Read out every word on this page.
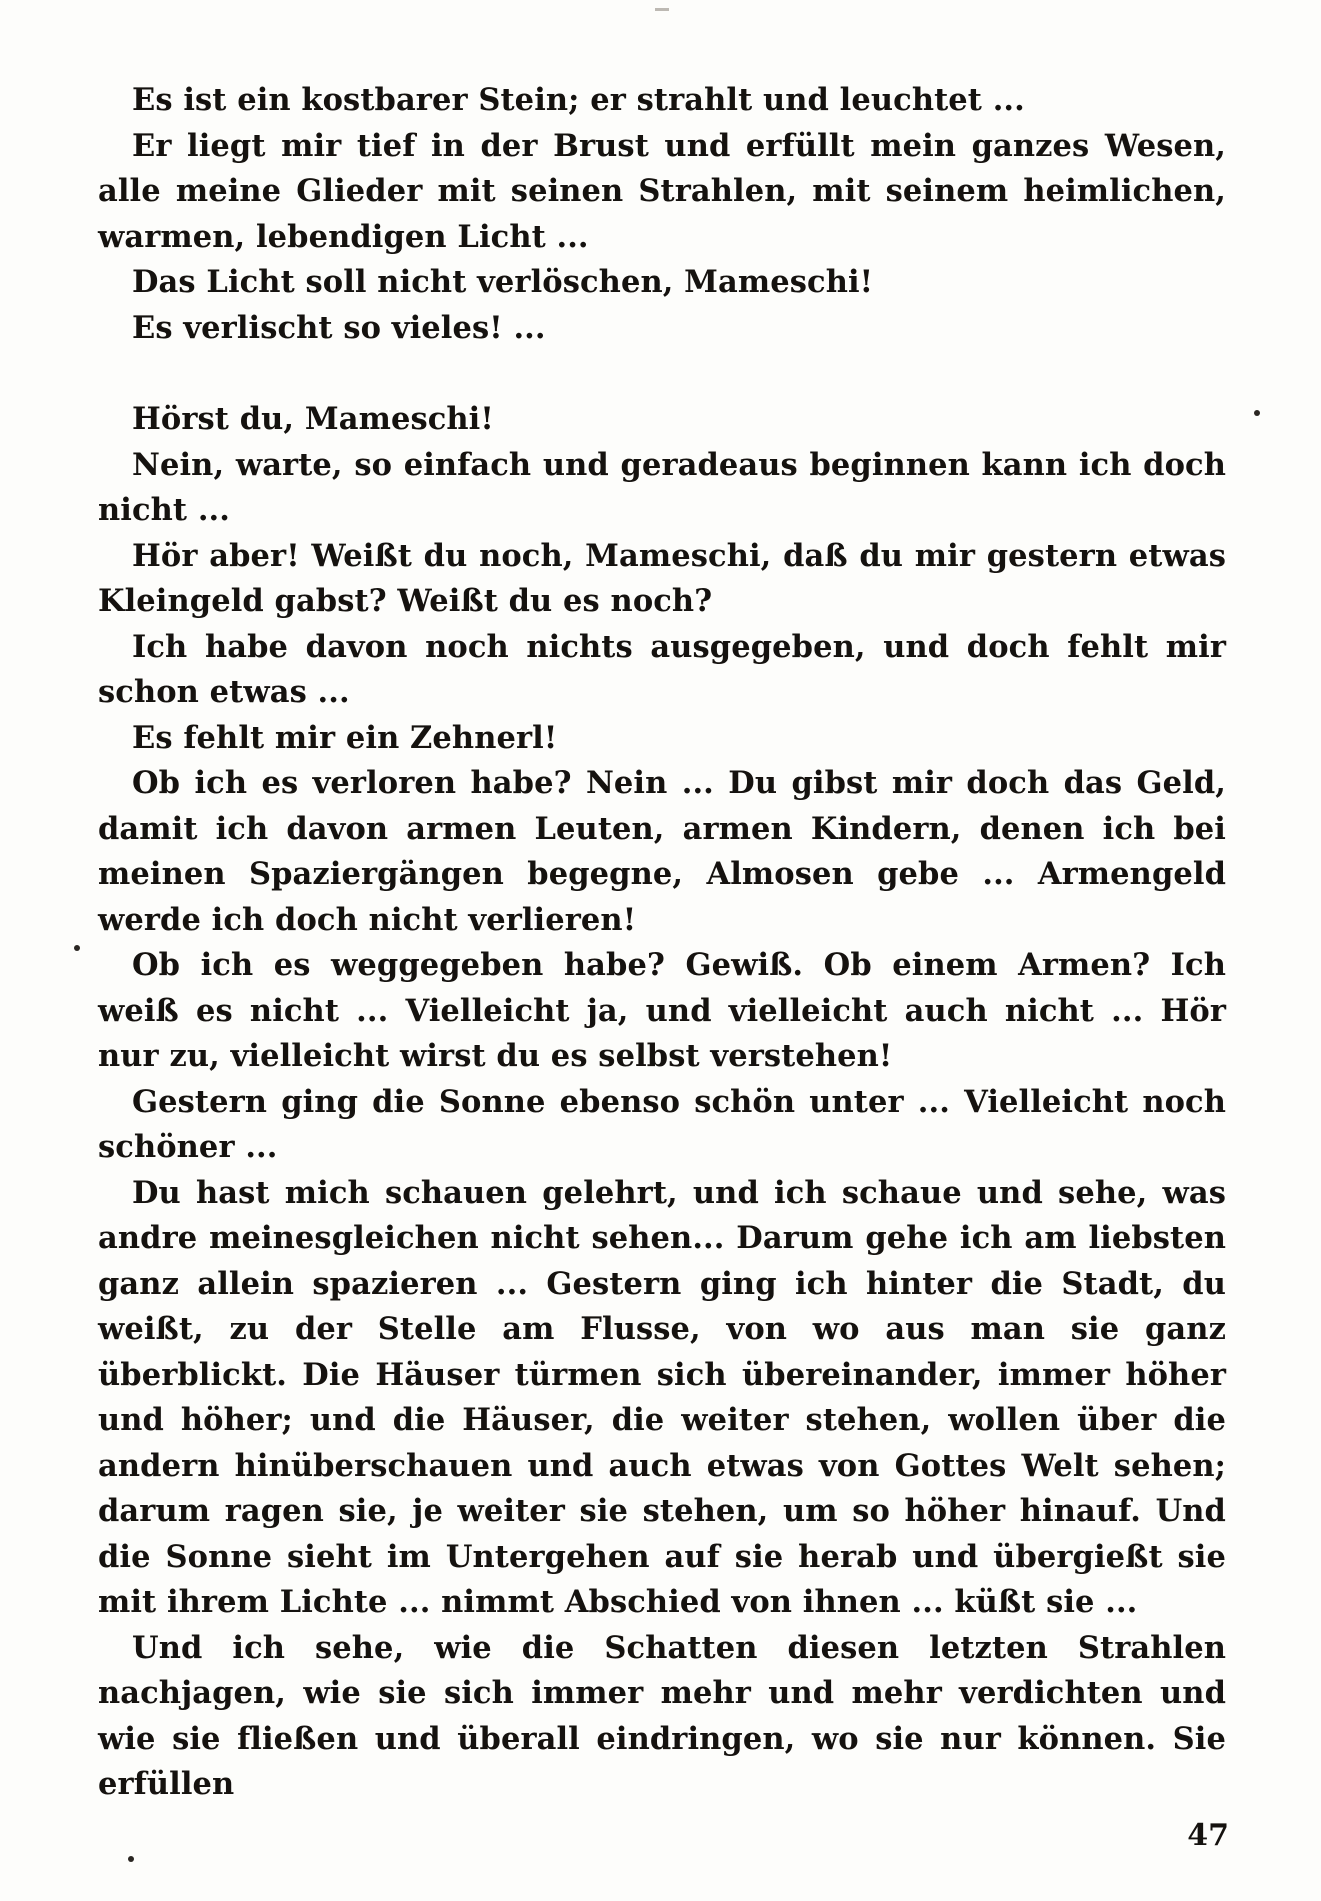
Es ist ein kostbarer Stein; er strahlt und leuchtet ...

Er liegt mir tief in der Brust und erfüllt mein ganzes Wesen, alle meine Glieder mit seinen Strahlen, mit seinem heimlichen, warmen, lebendigen Licht ...

Das Licht soll nicht verlöschen, Mameschi!

Es verlischt so vieles! ...

Hörst du, Mameschi!

Nein, warte, so einfach und geradeaus beginnen kann ich doch nicht ...

Hör aber! Weißt du noch, Mameschi, daß du mir gestern etwas Kleingeld gabst? Weißt du es noch?

Ich habe davon noch nichts ausgegeben, und doch fehlt mir schon etwas ...

Es fehlt mir ein Zehnerl!

Ob ich es verloren habe? Nein ... Du gibst mir doch das Geld, damit ich davon armen Leuten, armen Kindern, denen ich bei meinen Spaziergängen begegne, Almosen gebe ... Armengeld werde ich doch nicht verlieren!

Ob ich es weggegeben habe? Gewiß. Ob einem Armen? Ich weiß es nicht ... Vielleicht ja, und vielleicht auch nicht ... Hör nur zu, vielleicht wirst du es selbst verstehen!

Gestern ging die Sonne ebenso schön unter ... Vielleicht noch schöner ...

Du hast mich schauen gelehrt, und ich schaue und sehe, was andre meinesgleichen nicht sehen... Darum gehe ich am liebsten ganz allein spazieren ... Gestern ging ich hinter die Stadt, du weißt, zu der Stelle am Flusse, von wo aus man sie ganz überblickt. Die Häuser türmen sich übereinander, immer höher und höher; und die Häuser, die weiter stehen, wollen über die andern hinüberschauen und auch etwas von Gottes Welt sehen; darum ragen sie, je weiter sie stehen, um so höher hinauf. Und die Sonne sieht im Untergehen auf sie herab und übergießt sie mit ihrem Lichte ... nimmt Abschied von ihnen ... küßt sie ...

Und ich sehe, wie die Schatten diesen letzten Strahlen nachjagen, wie sie sich immer mehr und mehr verdichten und wie sie fließen und überall eindringen, wo sie nur können. Sie erfüllen

47
